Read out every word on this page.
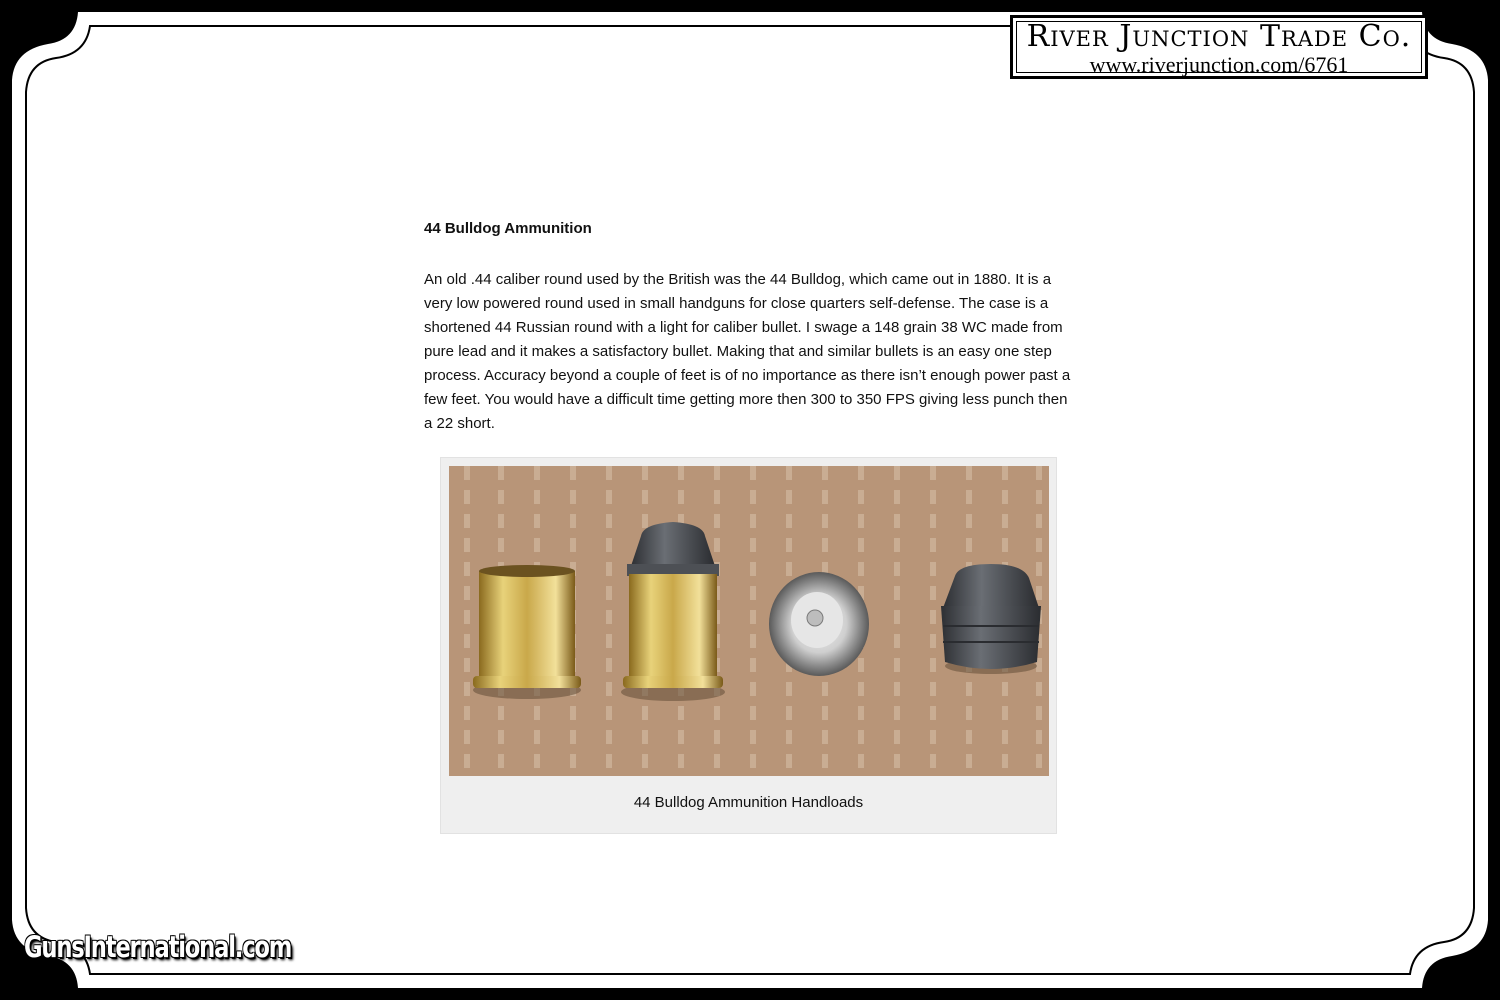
River Junction Trade Co.
www.riverjunction.com/6761
44 Bulldog Ammunition

An old .44 caliber round used by the British was the 44 Bulldog, which came out in 1880. It is a very low powered round used in small handguns for close quarters self-defense. The case is a shortened 44 Russian round with a light for caliber bullet. I swage a 148 grain 38 WC made from pure lead and it makes a satisfactory bullet. Making that and similar bullets is an easy one step process. Accuracy beyond a couple of feet is of no importance as there isn’t enough power past a few feet. You would have a difficult time getting more then 300 to 350 FPS giving less punch then a 22 short.

44 Bulldog Ammunition Handloads
GunsInternational.com
